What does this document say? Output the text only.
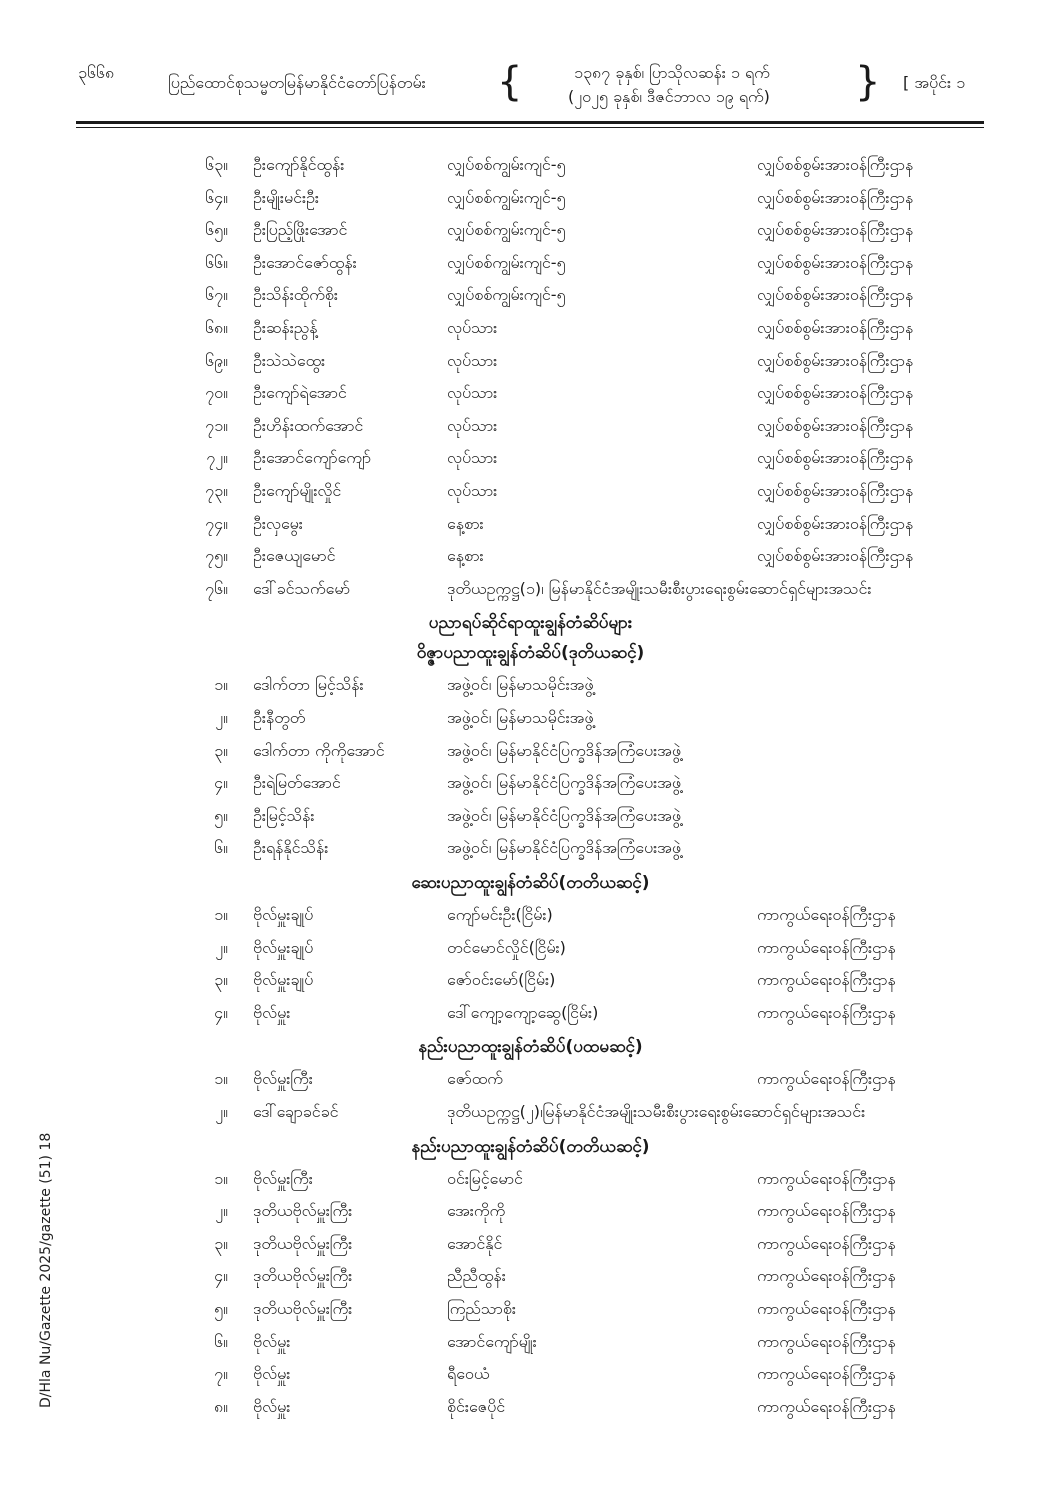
၃၆၆၈
ပြည်ထောင်စုသမ္မတမြန်မာနိုင်ငံတော်ပြန်တမ်း {	၁၃၈၇ ခုနှစ်၊ ပြာသိုလဆန်း ၁ ရက်
(၂၀၂၅ ခုနှစ်၊ ဒီဇင်ဘာလ ၁၉ ရက်) } [ အပိုင်း ၁
D/Hla Nu/Gazette 2025/gazette (51) 18
၆၃။ ဦးကျော်နိုင်ထွန်း	လျှပ်စစ်ကျွမ်းကျင်-၅	လျှပ်စစ်စွမ်းအားဝန်ကြီးဌာန
၆၄။ ဦးမျိုးမင်းဦး	လျှပ်စစ်ကျွမ်းကျင်-၅	လျှပ်စစ်စွမ်းအားဝန်ကြီးဌာန
၆၅။ ဦးပြည့်ဖြိုးအောင်	လျှပ်စစ်ကျွမ်းကျင်-၅	လျှပ်စစ်စွမ်းအားဝန်ကြီးဌာန
၆၆။ ဦးအောင်ဇော်ထွန်း	လျှပ်စစ်ကျွမ်းကျင်-၅	လျှပ်စစ်စွမ်းအားဝန်ကြီးဌာန
၆၇။ ဦးသိန်းထိုက်စိုး	လျှပ်စစ်ကျွမ်းကျင်-၅	လျှပ်စစ်စွမ်းအားဝန်ကြီးဌာန
၆၈။ ဦးဆန်းညွန့်	လုပ်သား	လျှပ်စစ်စွမ်းအားဝန်ကြီးဌာန
၆၉။ ဦးသဲသဲထွေး	လုပ်သား	လျှပ်စစ်စွမ်းအားဝန်ကြီးဌာန
၇၀။ ဦးကျော်ရဲအောင်	လုပ်သား	လျှပ်စစ်စွမ်းအားဝန်ကြီးဌာန
၇၁။ ဦးဟိန်းထက်အောင်	လုပ်သား	လျှပ်စစ်စွမ်းအားဝန်ကြီးဌာန
၇၂။ ဦးအောင်ကျော်ကျော်	လုပ်သား	လျှပ်စစ်စွမ်းအားဝန်ကြီးဌာန
၇၃။ ဦးကျော်မျိုးလှိုင်	လုပ်သား	လျှပ်စစ်စွမ်းအားဝန်ကြီးဌာန
၇၄။ ဦးလှမွေး	နေ့စား	လျှပ်စစ်စွမ်းအားဝန်ကြီးဌာန
၇၅။ ဦးဇေယျမောင်	နေ့စား	လျှပ်စစ်စွမ်းအားဝန်ကြီးဌာန
၇၆။ ဒေါ်ခင်သက်မော်	ဒုတိယဥက္ကဋ္ဌ(၁)၊ မြန်မာနိုင်ငံအမျိုးသမီးစီးပွားရေးစွမ်းဆောင်ရှင်များအသင်း
ပညာရပ်ဆိုင်ရာထူးချွန်တံဆိပ်များ
ဝိဇ္ဇာပညာထူးချွန်တံဆိပ်(ဒုတိယဆင့်)
၁။ ဒေါက်တာ မြင့်သိန်း	အဖွဲ့ဝင်၊ မြန်မာသမိုင်းအဖွဲ့
၂။ ဦးနီတွတ်	အဖွဲ့ဝင်၊ မြန်မာသမိုင်းအဖွဲ့
၃။ ဒေါက်တာ ကိုကိုအောင်	အဖွဲ့ဝင်၊ မြန်မာနိုင်ငံပြက္ခဒိန်အကြံပေးအဖွဲ့
၄။ ဦးရဲမြတ်အောင်	အဖွဲ့ဝင်၊ မြန်မာနိုင်ငံပြက္ခဒိန်အကြံပေးအဖွဲ့
၅။ ဦးမြင့်သိန်း	အဖွဲ့ဝင်၊ မြန်မာနိုင်ငံပြက္ခဒိန်အကြံပေးအဖွဲ့
၆။ ဦးရန်နိုင်သိန်း	အဖွဲ့ဝင်၊ မြန်မာနိုင်ငံပြက္ခဒိန်အကြံပေးအဖွဲ့
ဆေးပညာထူးချွန်တံဆိပ်(တတိယဆင့်)
၁။ ဗိုလ်မှူးချုပ်	ကျော်မင်းဦး(ငြိမ်း)	ကာကွယ်ရေးဝန်ကြီးဌာန
၂။ ဗိုလ်မှူးချုပ်	တင်မောင်လှိုင်(ငြိမ်း)	ကာကွယ်ရေးဝန်ကြီးဌာန
၃။ ဗိုလ်မှူးချုပ်	ဇော်ဝင်းမော်(ငြိမ်း)	ကာကွယ်ရေးဝန်ကြီးဌာန
၄။ ဗိုလ်မှူး	ဒေါ်ကျော့ကျော့ဆွေ(ငြိမ်း)	ကာကွယ်ရေးဝန်ကြီးဌာန
နည်းပညာထူးချွန်တံဆိပ်(ပထမဆင့်)
၁။ ဗိုလ်မှူးကြီး	ဇော်ထက်	ကာကွယ်ရေးဝန်ကြီးဌာန
၂။ ဒေါ်ချောခင်ခင်	ဒုတိယဥက္ကဋ္ဌ(၂)၊မြန်မာနိုင်ငံအမျိုးသမီးစီးပွားရေးစွမ်းဆောင်ရှင်များအသင်း
နည်းပညာထူးချွန်တံဆိပ်(တတိယဆင့်)
၁။ ဗိုလ်မှူးကြီး	ဝင်းမြင့်မောင်	ကာကွယ်ရေးဝန်ကြီးဌာန
၂။ ဒုတိယဗိုလ်မှူးကြီး	အေးကိုကို	ကာကွယ်ရေးဝန်ကြီးဌာန
၃။ ဒုတိယဗိုလ်မှူးကြီး	အောင်နိုင်	ကာကွယ်ရေးဝန်ကြီးဌာန
၄။ ဒုတိယဗိုလ်မှူးကြီး	ညီညီထွန်း	ကာကွယ်ရေးဝန်ကြီးဌာန
၅။ ဒုတိယဗိုလ်မှူးကြီး	ကြည်သာစိုး	ကာကွယ်ရေးဝန်ကြီးဌာန
၆။ ဗိုလ်မှူး	အောင်ကျော်မျိုး	ကာကွယ်ရေးဝန်ကြီးဌာန
၇။ ဗိုလ်မှူး	ရီဝေယံ	ကာကွယ်ရေးဝန်ကြီးဌာန
၈။ ဗိုလ်မှူး	စိုင်းဇေပိုင်	ကာကွယ်ရေးဝန်ကြီးဌာန
